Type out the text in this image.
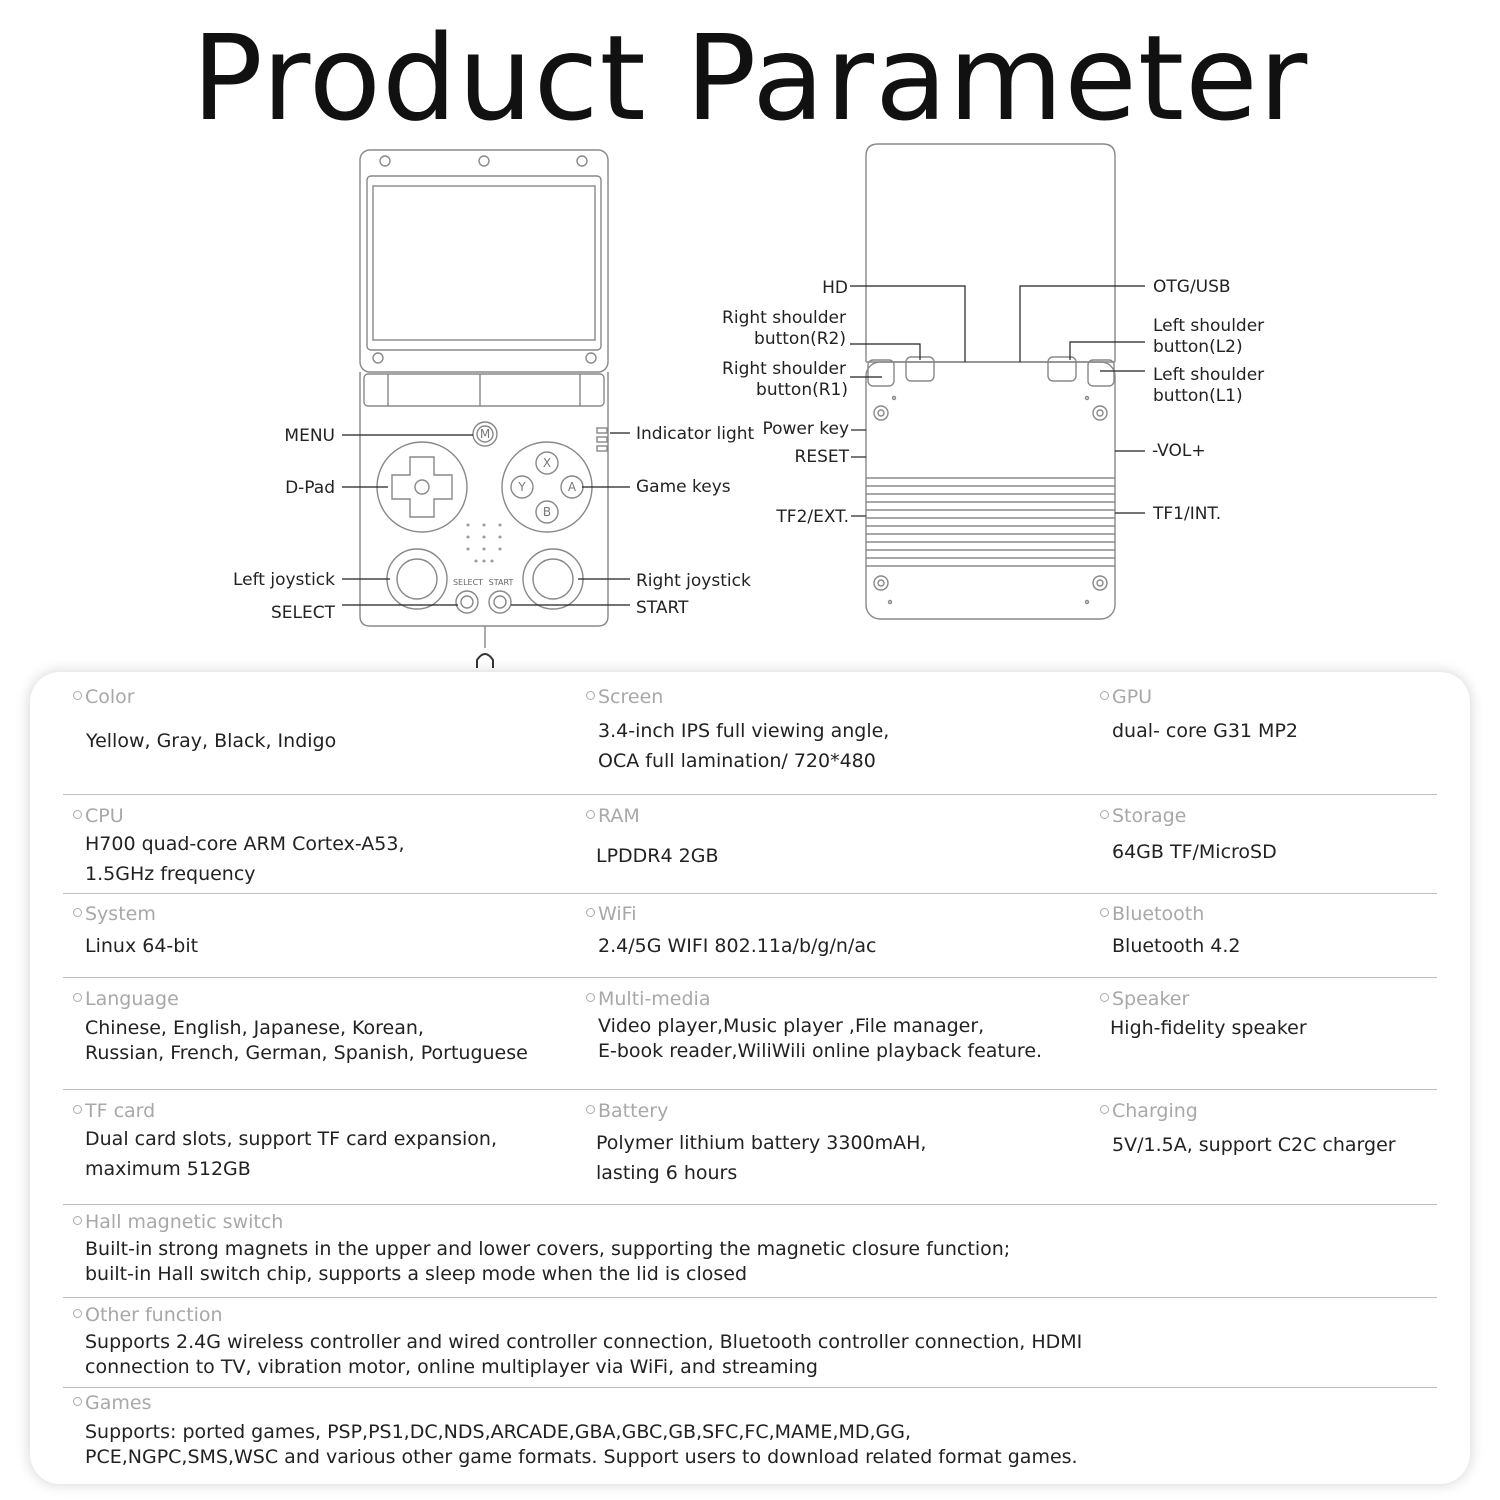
Product Parameter
M
X
Y	A
B
SELECT START
MENU
D-Pad
Left joystick
SELECT
Indicator light
Game keys
Right joystick
START
HD
Right shoulder
button(R2)
Right shoulder
button(R1)
Power key
RESET
TF2/EXT.
OTG/USB
Left shoulder
button(L2)
Left shoulder
button(L1)
-VOL+
TF1/INT.
Color
Yellow, Gray, Black, Indigo
Screen
3.4-inch IPS full viewing angle,
OCA full lamination/ 720*480
GPU
dual- core G31 MP2
CPU
H700 quad-core ARM Cortex-A53,
1.5GHz frequency
RAM
LPDDR4 2GB
Storage
64GB TF/MicroSD
System
Linux 64-bit
WiFi
2.4/5G WIFI 802.11a/b/g/n/ac
Bluetooth
Bluetooth 4.2
Language
Chinese, English, Japanese, Korean,
Russian, French, German, Spanish, Portuguese
Multi-media
Video player,Music player ,File manager,
E-book reader,WiliWili online playback feature.
Speaker
High-fidelity speaker
TF card
Dual card slots, support TF card expansion,
maximum 512GB
Battery
Polymer lithium battery 3300mAH,
lasting 6 hours
Charging
5V/1.5A, support C2C charger
Hall magnetic switch
Built-in strong magnets in the upper and lower covers, supporting the magnetic closure function;
built-in Hall switch chip, supports a sleep mode when the lid is closed
Other function
Supports 2.4G wireless controller and wired controller connection, Bluetooth controller connection, HDMI
connection to TV, vibration motor, online multiplayer via WiFi, and streaming
Games
Supports: ported games, PSP,PS1,DC,NDS,ARCADE,GBA,GBC,GB,SFC,FC,MAME,MD,GG,
PCE,NGPC,SMS,WSC and various other game formats. Support users to download related format games.
